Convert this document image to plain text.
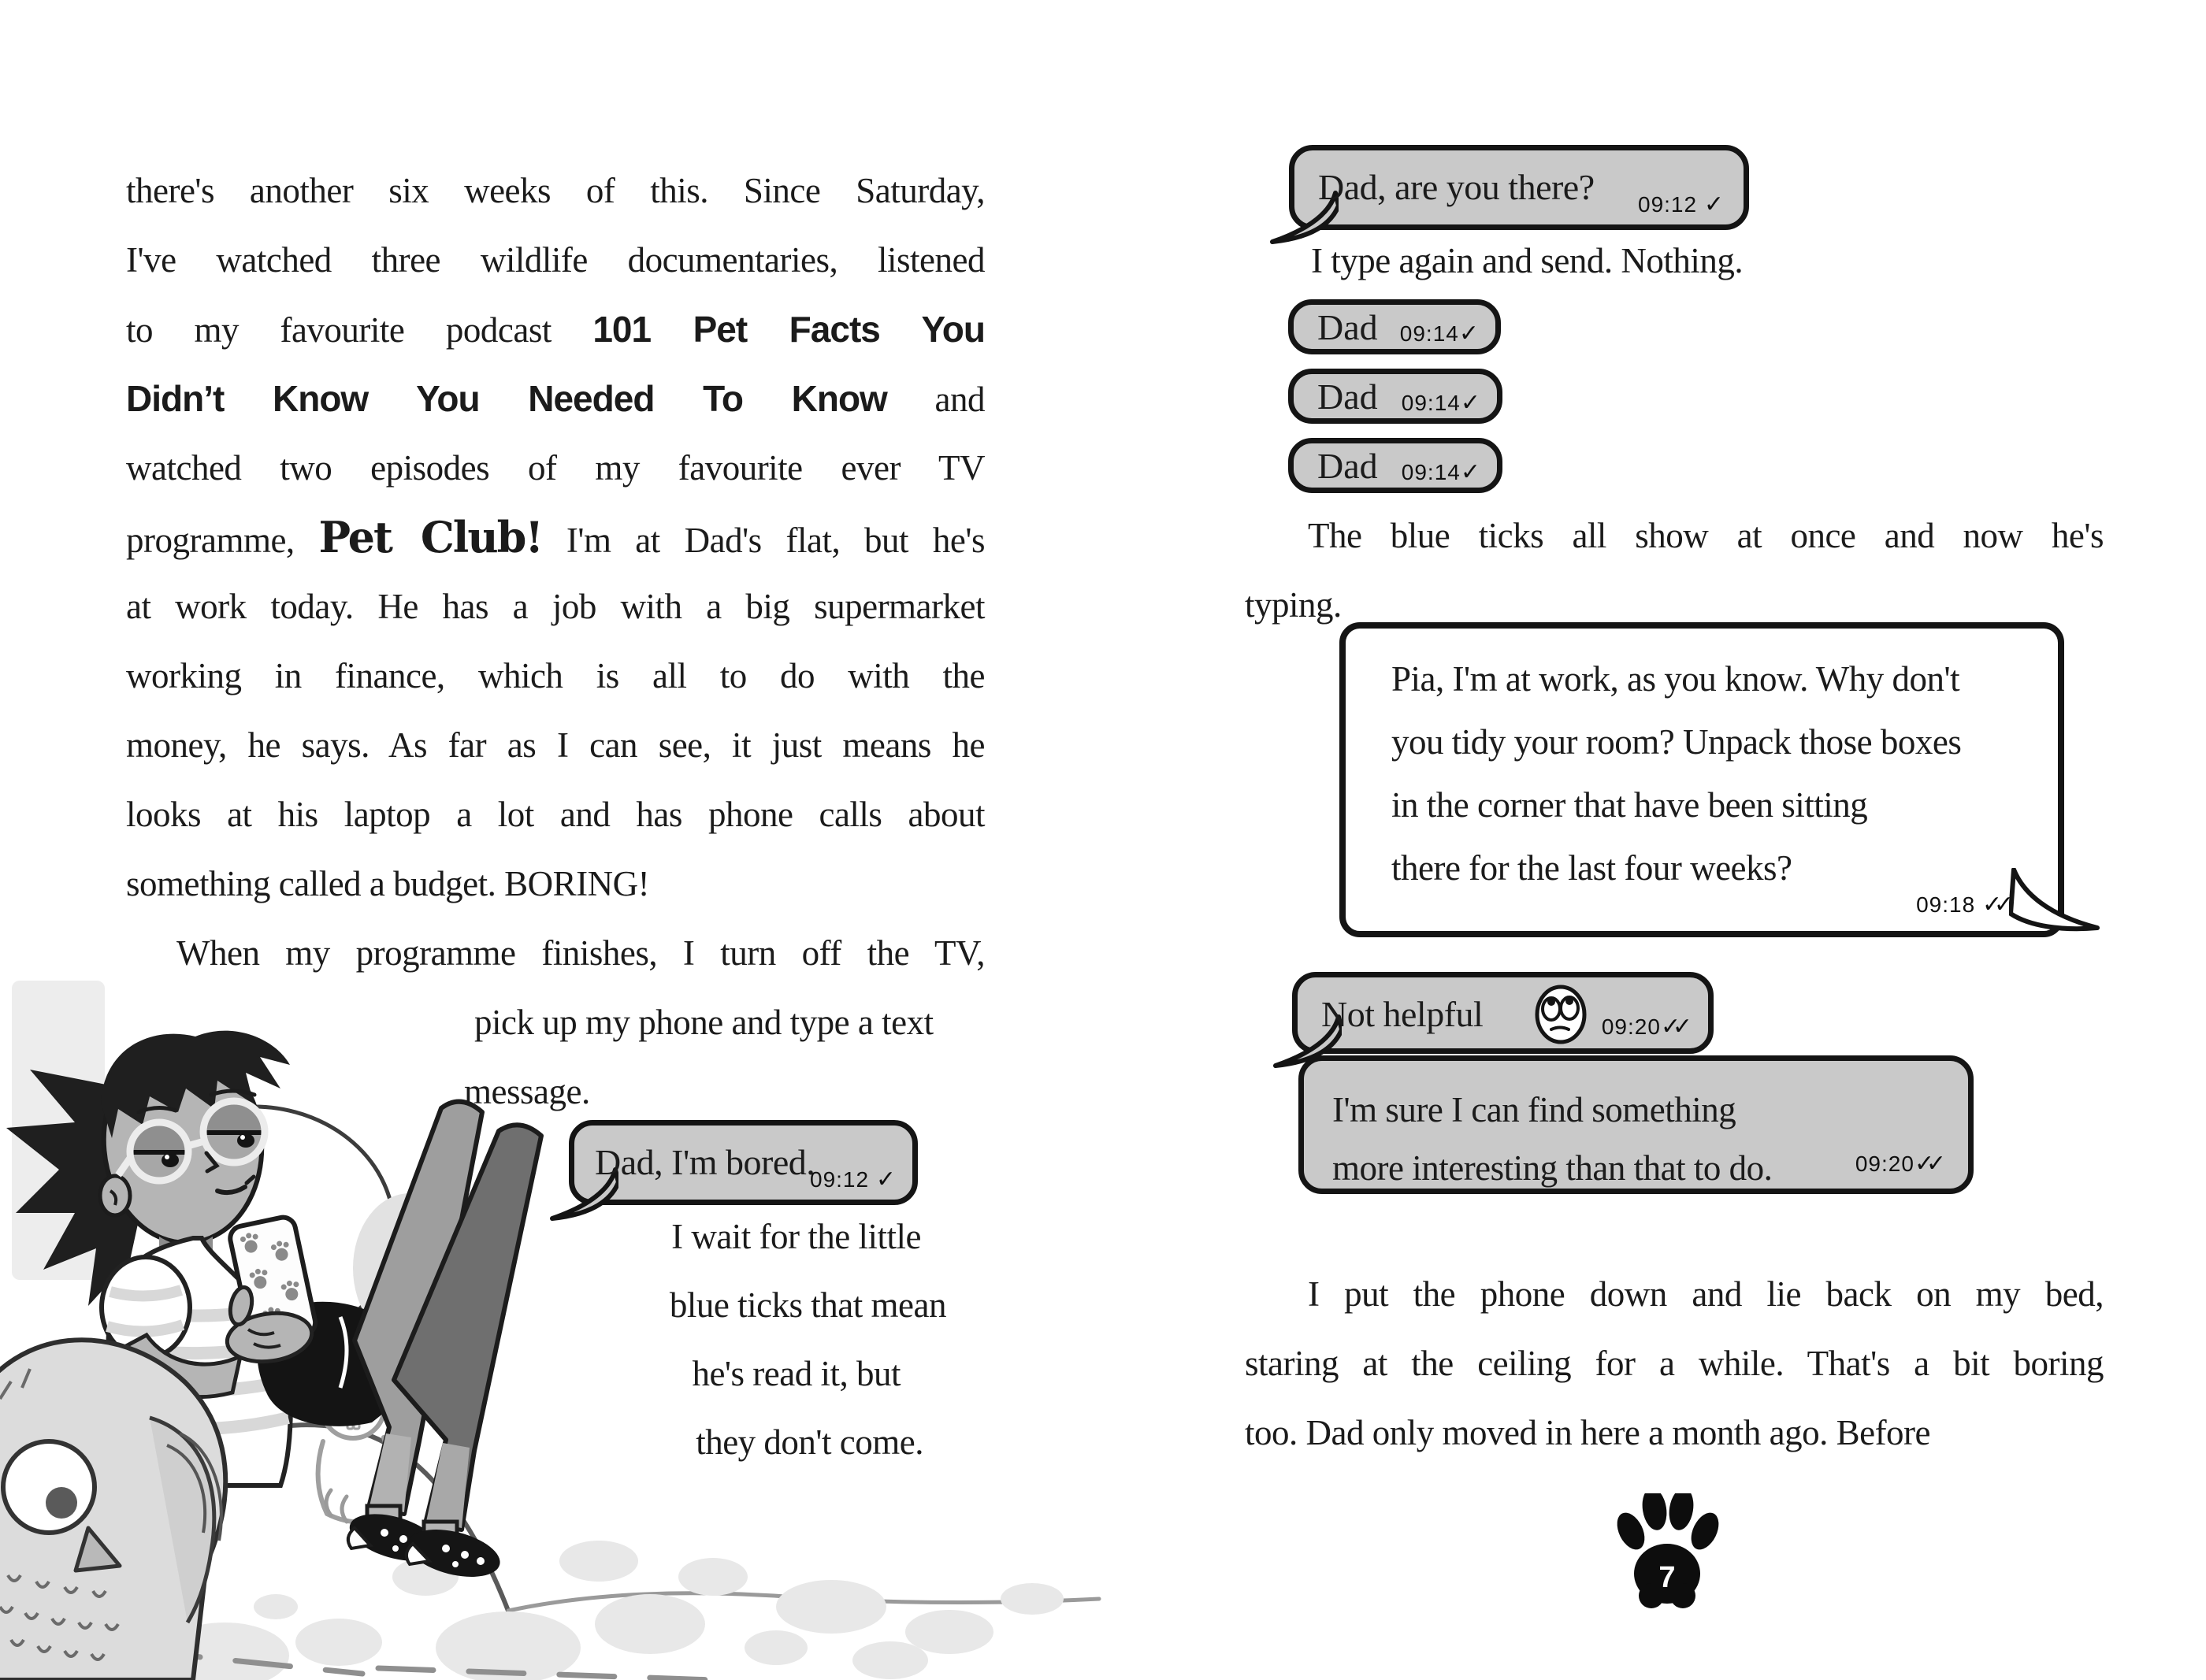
there's another six weeks of this. Since Saturday,
I've watched three wildlife documentaries, listened
to my favourite podcast 101 Pet Facts You
Didn’t Know You Needed To Know and
watched two episodes of my favourite ever TV
programme, Pet Club! I'm at Dad's flat, but he's
at work today. He has a job with a big supermarket
working in finance, which is all to do with the
money, he says. As far as I can see, it just means he
looks at his laptop a lot and has phone calls about
something called a budget. BORING!
When my programme finishes, I turn off the TV,
pick up my phone and type a text
message.
Dad, I'm bored.
09:12 ✓
I wait for the little
blue ticks that mean
he's read it, but
they don't come.
Dad, are you there? 09:12 ✓
I type again and send. Nothing.
Dad 09:14✓
Dad 09:14✓
Dad 09:14✓
The blue ticks all show at once and now he's
typing.
Pia, I'm at work, as you know. Why don't
you tidy your room? Unpack those boxes
in the corner that have been sitting
there for the last four weeks?
09:18 ✓✓
Not helpful	09:20✓✓
I'm sure I can find something
more interesting than that to do.	09:20✓✓
I put the phone down and lie back on my bed,
staring at the ceiling for a while. That's a bit boring
too. Dad only moved in here a month ago. Before
7
